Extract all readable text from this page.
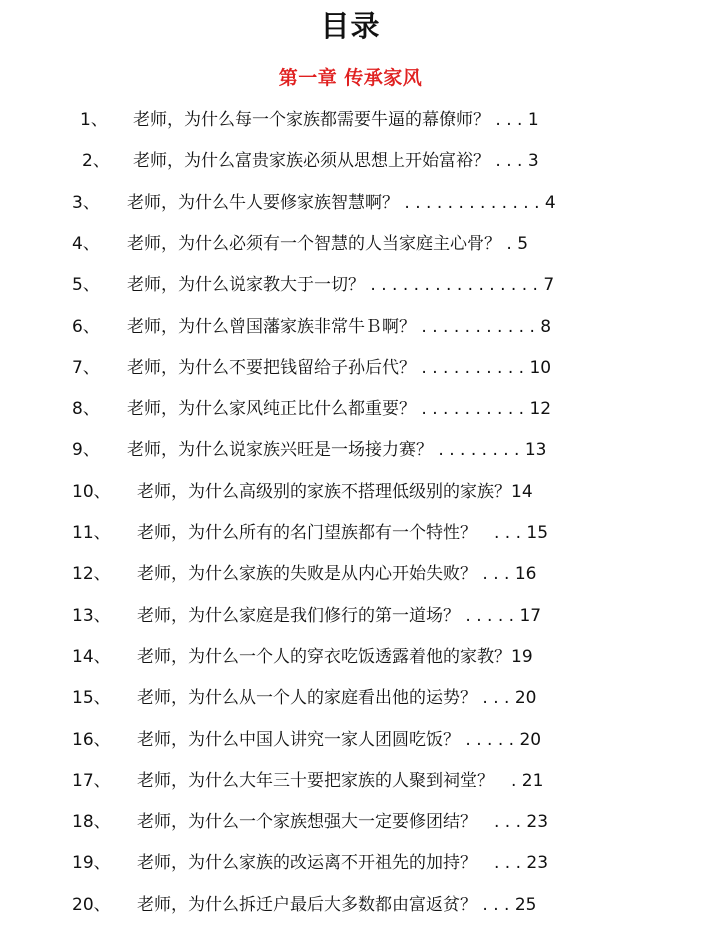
目录
第一章 传承家风
1、 老师，为什么每一个家族都需要牛逼的幕僚师？ . . . 1
2、 老师，为什么富贵家族必须从思想上开始富裕？ . . . 3
3、 老师，为什么牛人要修家族智慧啊？ . . . . . . . . . . . . . 4
4、 老师，为什么必须有一个智慧的人当家庭主心骨？ . 5
5、 老师，为什么说家教大于一切？ . . . . . . . . . . . . . . . . 7
6、 老师，为什么曾国藩家族非常牛Ｂ啊？ . . . . . . . . . . . 8
7、 老师，为什么不要把钱留给子孙后代？ . . . . . . . . . . 10
8、 老师，为什么家风纯正比什么都重要？ . . . . . . . . . . 12
9、 老师，为什么说家族兴旺是一场接力赛？ . . . . . . . . 13
10、 老师，为什么高级别的家族不搭理低级别的家族？14
11、 老师，为什么所有的名门望族都有一个特性？　. . . 15
12、 老师，为什么家族的失败是从内心开始失败？ . . . 16
13、 老师，为什么家庭是我们修行的第一道场？ . . . . . 17
14、 老师，为什么一个人的穿衣吃饭透露着他的家教？19
15、 老师，为什么从一个人的家庭看出他的运势？ . . . 20
16、 老师，为什么中国人讲究一家人团圆吃饭？ . . . . . 20
17、 老师，为什么大年三十要把家族的人聚到祠堂？　. 21
18、 老师，为什么一个家族想强大一定要修团结？　. . . 23
19、 老师，为什么家族的改运离不开祖先的加持？　. . . 23
20、 老师，为什么拆迁户最后大多数都由富返贫？ . . . 25
